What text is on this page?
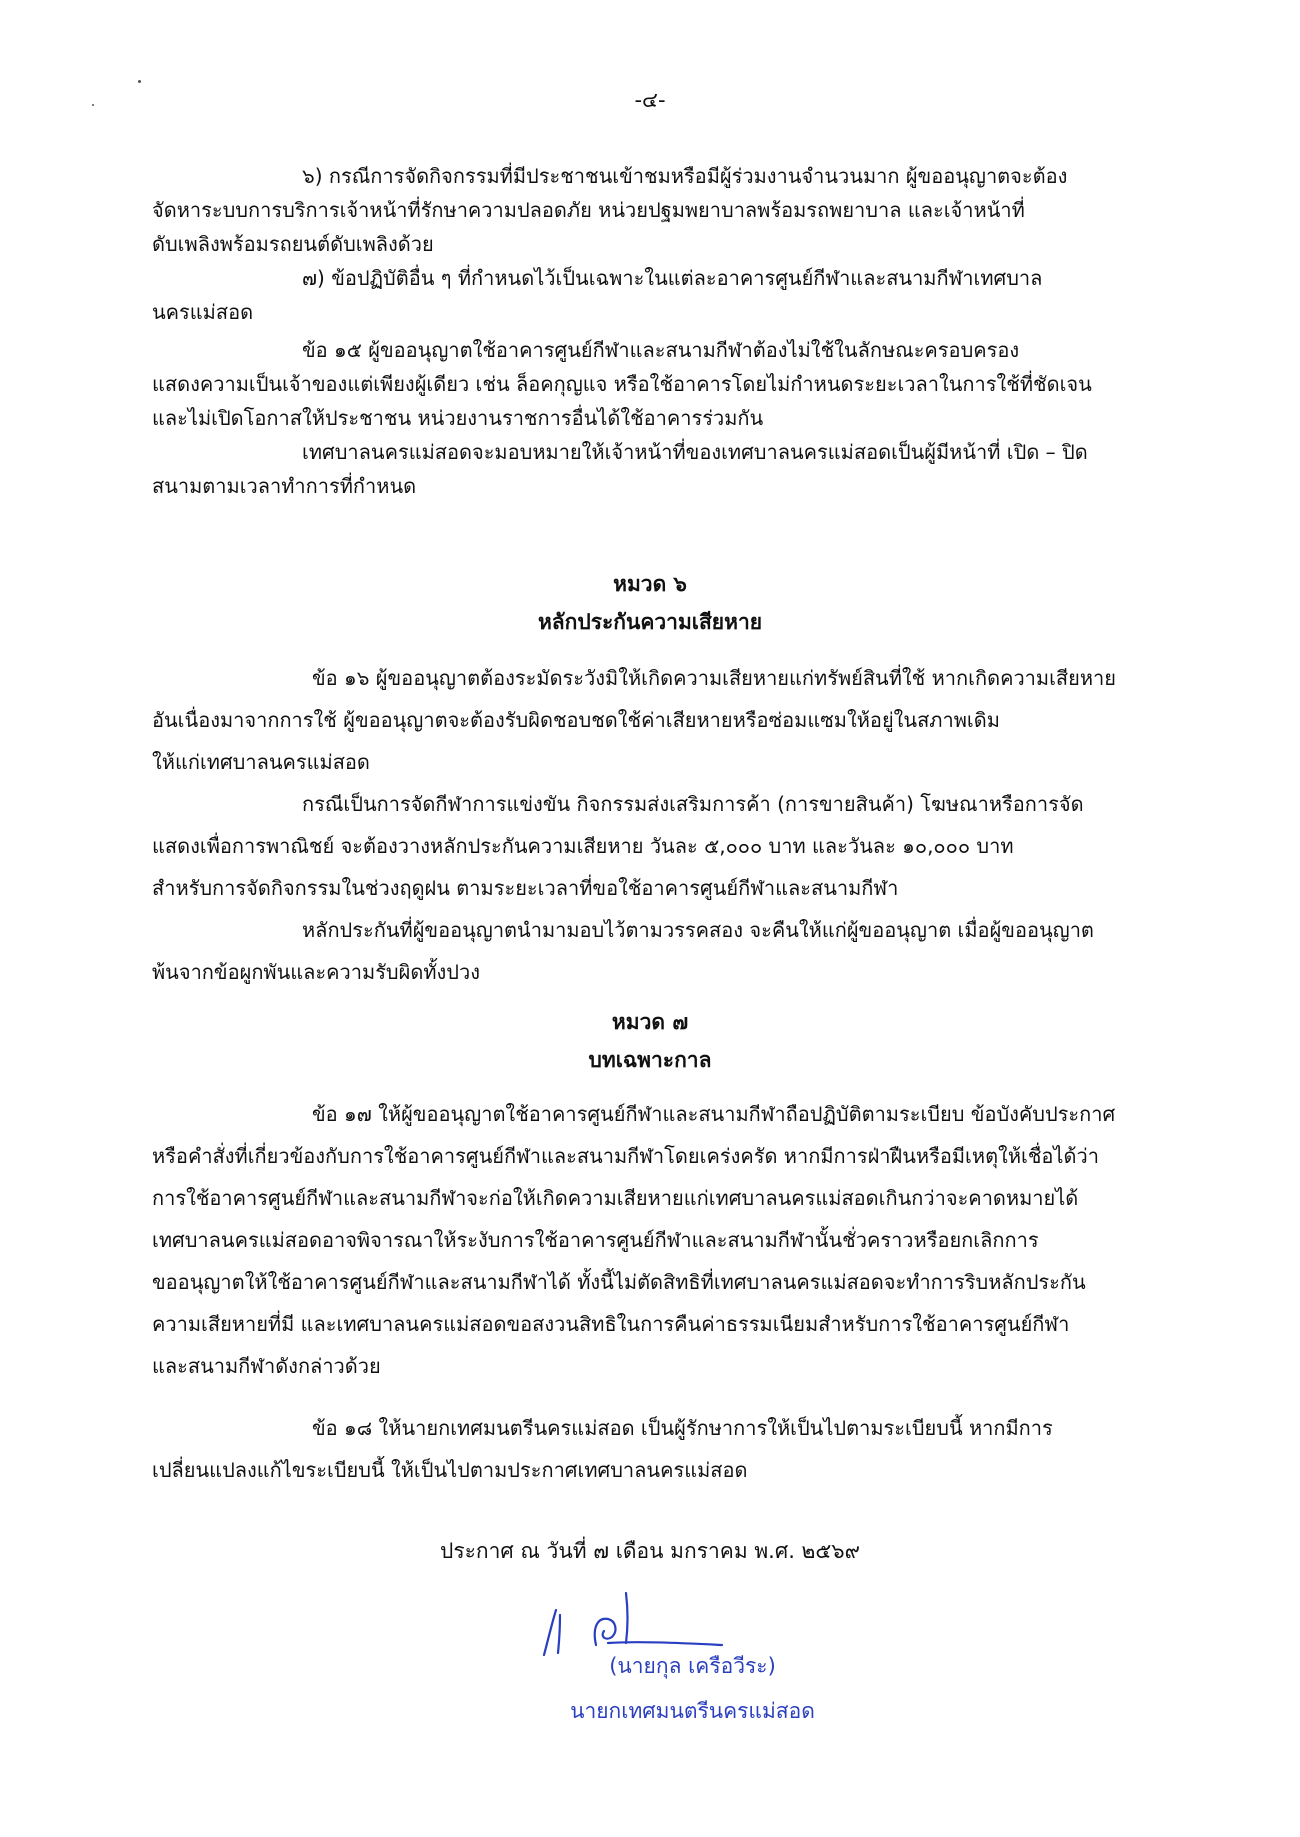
-๔-
๖) กรณีการจัดกิจกรรมที่มีประชาชนเข้าชมหรือมีผู้ร่วมงานจำนวนมาก ผู้ขออนุญาตจะต้อง
จัดหาระบบการบริการเจ้าหน้าที่รักษาความปลอดภัย หน่วยปฐมพยาบาลพร้อมรถพยาบาล และเจ้าหน้าที่
ดับเพลิงพร้อมรถยนต์ดับเพลิงด้วย
๗) ข้อปฏิบัติอื่น ๆ ที่กำหนดไว้เป็นเฉพาะในแต่ละอาคารศูนย์กีฬาและสนามกีฬาเทศบาล
นครแม่สอด
ข้อ ๑๕ ผู้ขออนุญาตใช้อาคารศูนย์กีฬาและสนามกีฬาต้องไม่ใช้ในลักษณะครอบครอง
แสดงความเป็นเจ้าของแต่เพียงผู้เดียว เช่น ล็อคกุญแจ หรือใช้อาคารโดยไม่กำหนดระยะเวลาในการใช้ที่ชัดเจน
และไม่เปิดโอกาสให้ประชาชน หน่วยงานราชการอื่นได้ใช้อาคารร่วมกัน
เทศบาลนครแม่สอดจะมอบหมายให้เจ้าหน้าที่ของเทศบาลนครแม่สอดเป็นผู้มีหน้าที่ เปิด – ปิด
สนามตามเวลาทำการที่กำหนด
หมวด ๖
หลักประกันความเสียหาย
ข้อ ๑๖ ผู้ขออนุญาตต้องระมัดระวังมิให้เกิดความเสียหายแก่ทรัพย์สินที่ใช้ หากเกิดความเสียหาย
อันเนื่องมาจากการใช้ ผู้ขออนุญาตจะต้องรับผิดชอบชดใช้ค่าเสียหายหรือซ่อมแซมให้อยู่ในสภาพเดิม
ให้แก่เทศบาลนครแม่สอด
กรณีเป็นการจัดกีฬาการแข่งขัน กิจกรรมส่งเสริมการค้า (การขายสินค้า) โฆษณาหรือการจัด
แสดงเพื่อการพาณิชย์ จะต้องวางหลักประกันความเสียหาย วันละ ๕,๐๐๐ บาท และวันละ ๑๐,๐๐๐ บาท
สำหรับการจัดกิจกรรมในช่วงฤดูฝน ตามระยะเวลาที่ขอใช้อาคารศูนย์กีฬาและสนามกีฬา
หลักประกันที่ผู้ขออนุญาตนำมามอบไว้ตามวรรคสอง จะคืนให้แก่ผู้ขออนุญาต เมื่อผู้ขออนุญาต
พ้นจากข้อผูกพันและความรับผิดทั้งปวง
หมวด ๗
บทเฉพาะกาล
ข้อ ๑๗ ให้ผู้ขออนุญาตใช้อาคารศูนย์กีฬาและสนามกีฬาถือปฏิบัติตามระเบียบ ข้อบังคับประกาศ
หรือคำสั่งที่เกี่ยวข้องกับการใช้อาคารศูนย์กีฬาและสนามกีฬาโดยเคร่งครัด หากมีการฝ่าฝืนหรือมีเหตุให้เชื่อได้ว่า
การใช้อาคารศูนย์กีฬาและสนามกีฬาจะก่อให้เกิดความเสียหายแก่เทศบาลนครแม่สอดเกินกว่าจะคาดหมายได้
เทศบาลนครแม่สอดอาจพิจารณาให้ระงับการใช้อาคารศูนย์กีฬาและสนามกีฬานั้นชั่วคราวหรือยกเลิกการ
ขออนุญาตให้ใช้อาคารศูนย์กีฬาและสนามกีฬาได้ ทั้งนี้ไม่ตัดสิทธิที่เทศบาลนครแม่สอดจะทำการริบหลักประกัน
ความเสียหายที่มี และเทศบาลนครแม่สอดขอสงวนสิทธิในการคืนค่าธรรมเนียมสำหรับการใช้อาคารศูนย์กีฬา
และสนามกีฬาดังกล่าวด้วย
ข้อ ๑๘ ให้นายกเทศมนตรีนครแม่สอด เป็นผู้รักษาการให้เป็นไปตามระเบียบนี้ หากมีการ
เปลี่ยนแปลงแก้ไขระเบียบนี้ ให้เป็นไปตามประกาศเทศบาลนครแม่สอด
ประกาศ ณ วันที่ ๗ เดือน มกราคม พ.ศ. ๒๕๖๙
(นายกุล เครือวีระ)
นายกเทศมนตรีนครแม่สอด
